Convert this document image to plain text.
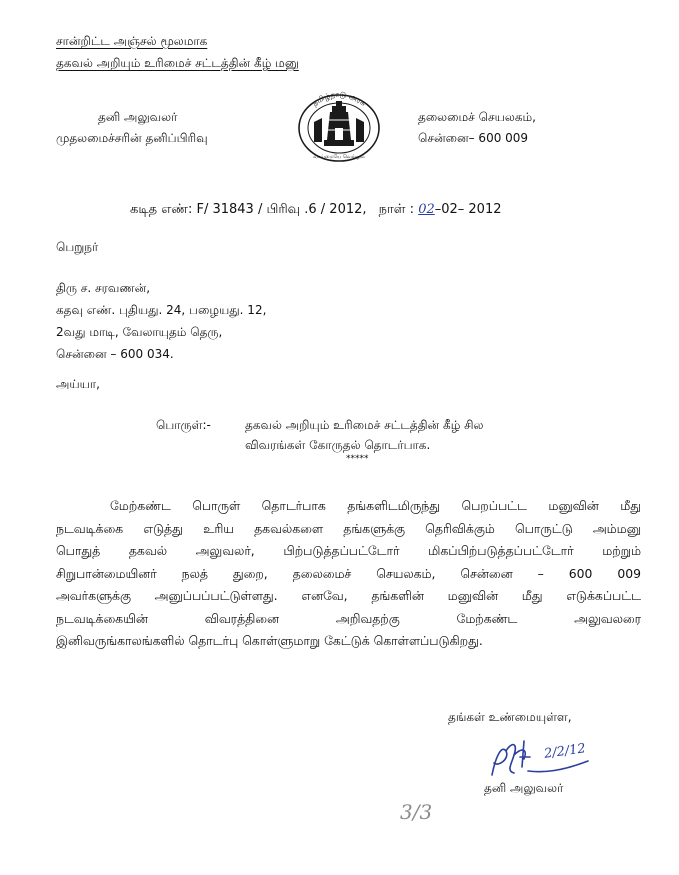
சான்றிட்ட அஞ்சல் மூலமாக
தகவல் அறியும் உரிமைச் சட்டத்தின் கீழ் மனு
தனி அலுவலர்
முதலமைச்சரின் தனிப்பிரிவு
தலைமைச் செயலகம்,
சென்னை– 600 009
தமிழ்நாடு அரசு
வாய்மையே வெல்லும்
கடித எண்: F/ 31843 / பிரிவு .6 / 2012, நாள் : 02–02– 2012
பெறுநர்
திரு ச. சரவணன்,
கதவு எண். புதியது. 24, பழையது. 12,
2வது மாடி, வேலாயுதம் தெரு,
சென்னை – 600 034.
அய்யா,
பொருள்:-	தகவல் அறியும் உரிமைச் சட்டத்தின் கீழ் சில
விவரங்கள் கோருதல் தொடர்பாக.
*****
மேற்கண்ட பொருள் தொடர்பாக தங்களிடமிருந்து பெறப்பட்ட மனுவின் மீது
நடவடிக்கை எடுத்து உரிய தகவல்களை தங்களுக்கு தெரிவிக்கும் பொருட்டு அம்மனு
பொதுத் தகவல் அலுவலர், பிற்படுத்தப்பட்டோர் மிகப்பிற்படுத்தப்பட்டோர் மற்றும்
சிறுபான்மையினர் நலத் துறை, தலைமைச் செயலகம், சென்னை – 600 009
அவர்களுக்கு அனுப்பப்பட்டுள்ளது. எனவே, தங்களின் மனுவின் மீது எடுக்கப்பட்ட
நடவடிக்கையின் விவரத்தினை அறிவதற்கு மேற்கண்ட அலுவலரை
இனிவருங்காலங்களில் தொடர்பு கொள்ளுமாறு கேட்டுக் கொள்ளப்படுகிறது.
தங்கள் உண்மையுள்ள,
2/2/12
தனி அலுவலர்
3/3
